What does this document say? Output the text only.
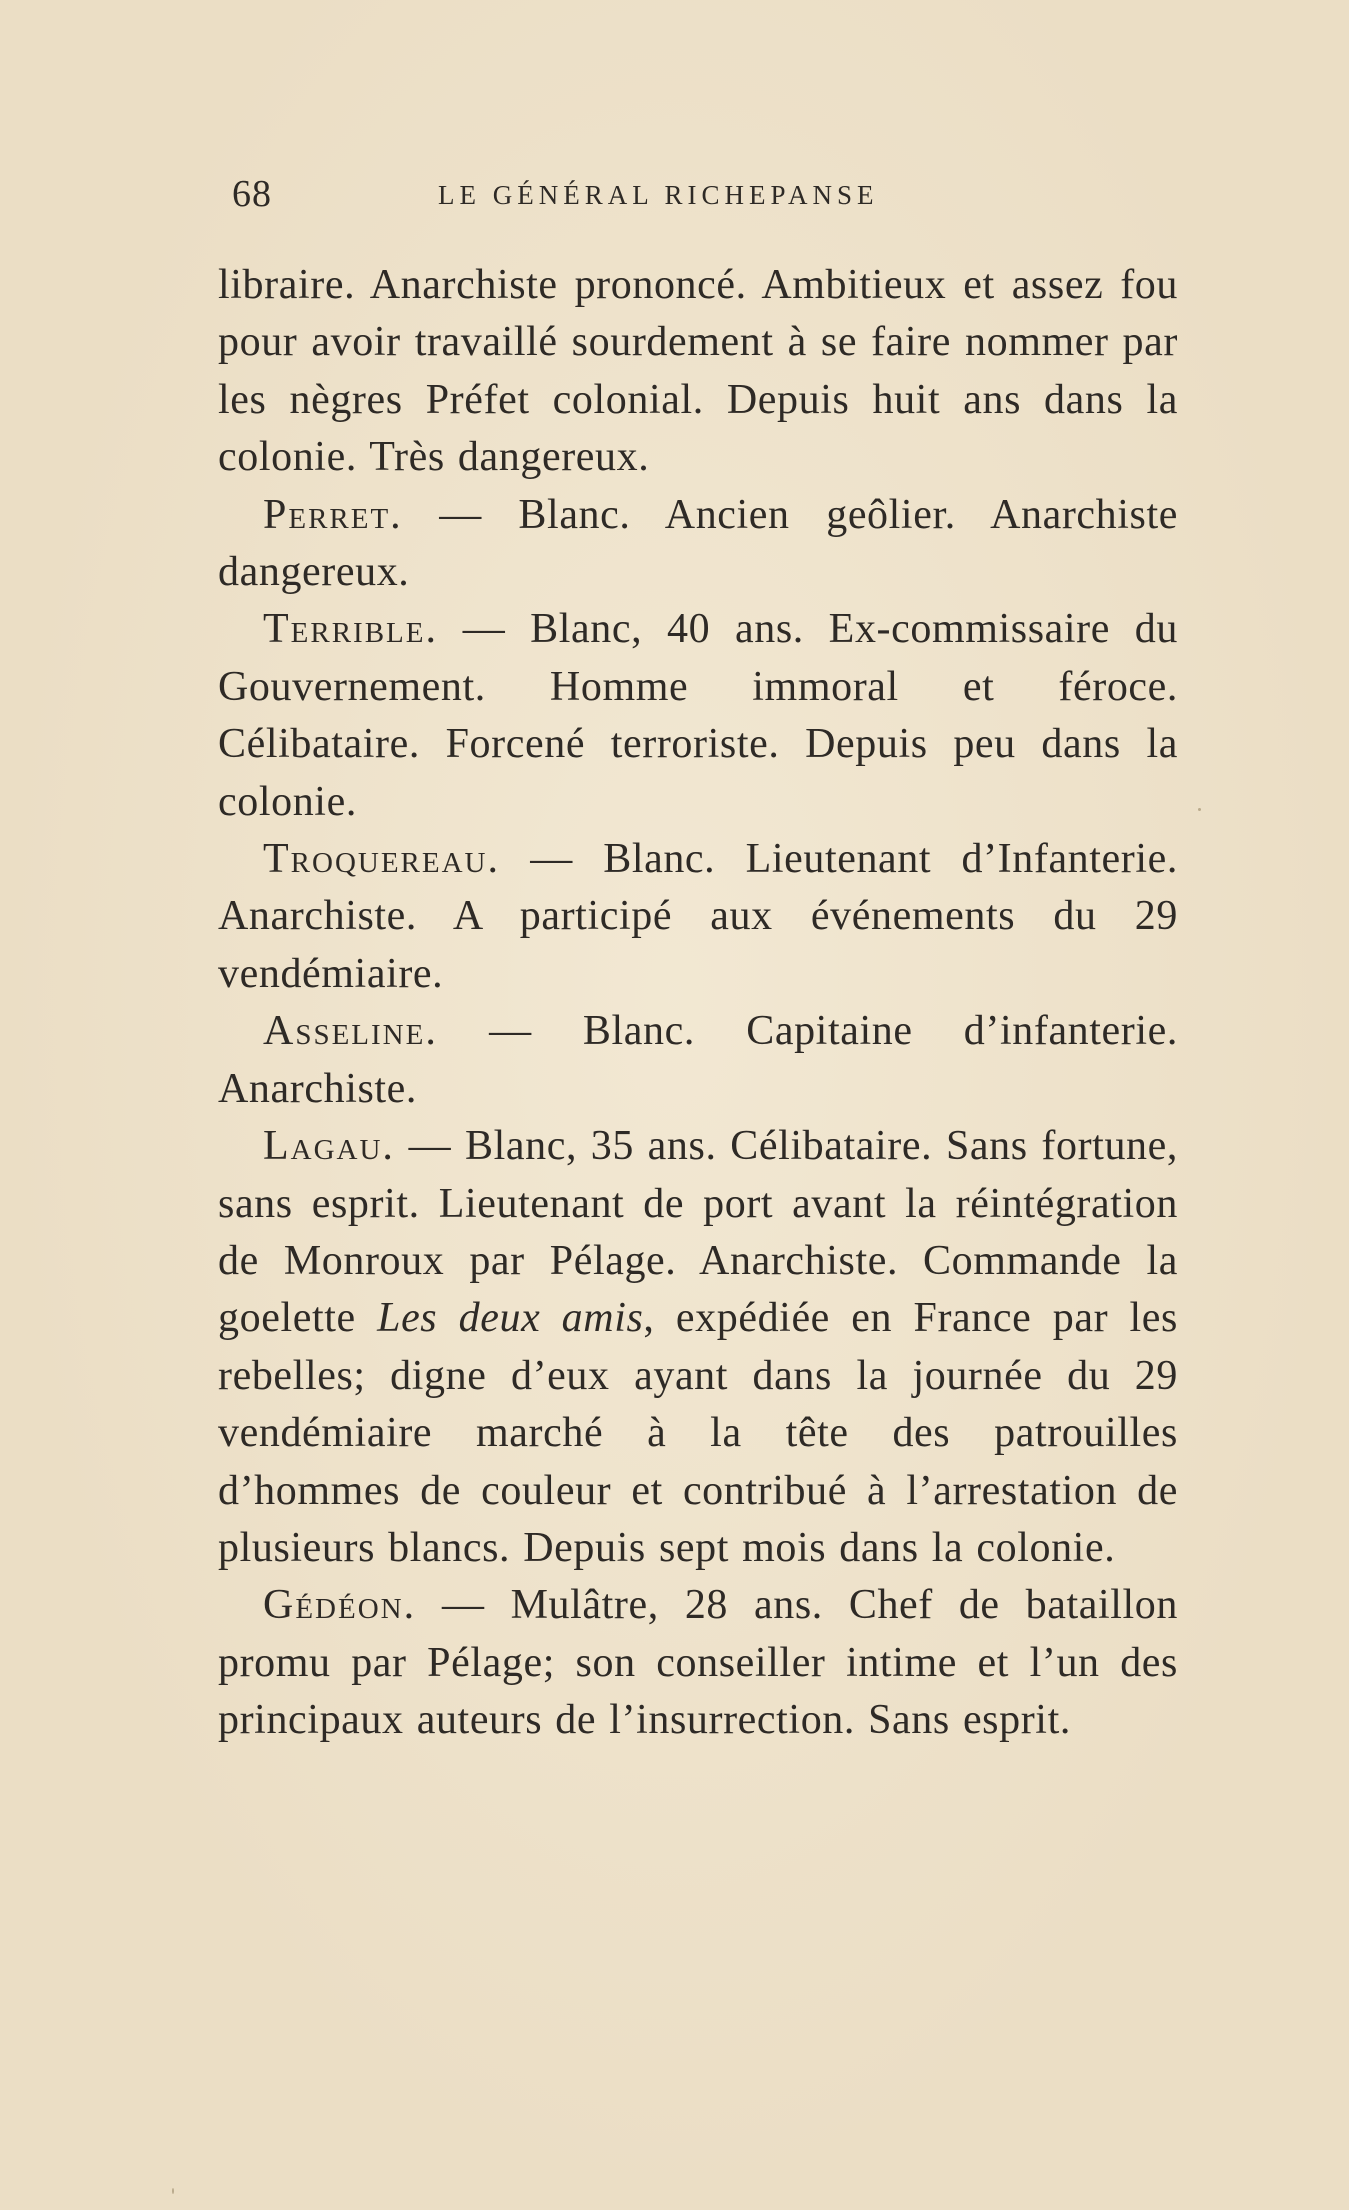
68	LE GÉNÉRAL RICHEPANSE

libraire. Anarchiste prononcé. Ambitieux et assez fou pour avoir travaillé sourdement à se faire nommer par les nègres Préfet colonial. Depuis huit ans dans la colonie. Très dangereux.

Perret. — Blanc. Ancien geôlier. Anarchiste dangereux.

Terrible. — Blanc, 40 ans. Ex-commissaire du Gouvernement. Homme immoral et féroce. Célibataire. Forcené terroriste. Depuis peu dans la colonie.

Troquereau. — Blanc. Lieutenant d’Infanterie. Anarchiste. A participé aux événements du 29 vendémiaire.

Asseline. — Blanc. Capitaine d’infanterie. Anarchiste.

Lagau. — Blanc, 35 ans. Célibataire. Sans fortune, sans esprit. Lieutenant de port avant la réintégration de Monroux par Pélage. Anarchiste. Commande la goelette Les deux amis, expédiée en France par les rebelles; digne d’eux ayant dans la journée du 29 vendémiaire marché à la tête des patrouilles d’hommes de couleur et contribué à l’arrestation de plusieurs blancs. Depuis sept mois dans la colonie.

Gédéon. — Mulâtre, 28 ans. Chef de bataillon promu par Pélage; son conseiller intime et l’un des principaux auteurs de l’insurrection. Sans esprit.
